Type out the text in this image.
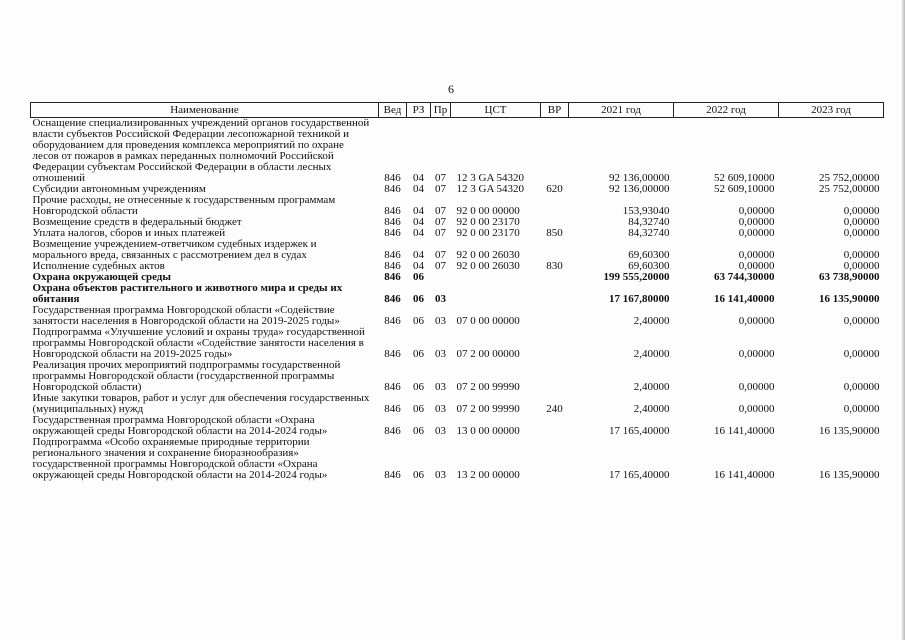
6
Наименование	Вед	РЗ	Пр	ЦСТ	ВР	2021 год	2022 год	2023 год
Оснащение специализированных учреждений органов государственной власти субъектов Российской Федерации лесопожарной техникой и оборудованием для проведения комплекса мероприятий по охране лесов от пожаров в рамках переданных полномочий Российской Федерации субъектам Российской Федерации в области лесных отношений	846	04	07	12 3 GA 54320		92 136,00000	52 609,10000	25 752,00000
Субсидии автономным учреждениям	846	04	07	12 3 GA 54320	620	92 136,00000	52 609,10000	25 752,00000
Прочие расходы, не отнесенные к государственным программам Новгородской области	846	04	07	92 0 00 00000		153,93040	0,00000	0,00000
Возмещение средств в федеральный бюджет	846	04	07	92 0 00 23170		84,32740	0,00000	0,00000
Уплата налогов, сборов и иных платежей	846	04	07	92 0 00 23170	850	84,32740	0,00000	0,00000
Возмещение учреждением-ответчиком судебных издержек и морального вреда, связанных с рассмотрением дел в судах	846	04	07	92 0 00 26030		69,60300	0,00000	0,00000
Исполнение судебных актов	846	04	07	92 0 00 26030	830	69,60300	0,00000	0,00000
Охрана окружающей среды	846	06				199 555,20000	63 744,30000	63 738,90000
Охрана объектов растительного и животного мира и среды их обитания	846	06	03			17 167,80000	16 141,40000	16 135,90000
Государственная программа Новгородской области «Содействие занятости населения в Новгородской области на 2019-2025 годы»	846	06	03	07 0 00 00000		2,40000	0,00000	0,00000
Подпрограмма «Улучшение условий и охраны труда» государственной программы Новгородской области «Содействие занятости населения в Новгородской области на 2019-2025 годы»	846	06	03	07 2 00 00000		2,40000	0,00000	0,00000
Реализация прочих мероприятий подпрограммы государственной программы Новгородской области (государственной программы Новгородской области)	846	06	03	07 2 00 99990		2,40000	0,00000	0,00000
Иные закупки товаров, работ и услуг для обеспечения государственных (муниципальных) нужд	846	06	03	07 2 00 99990	240	2,40000	0,00000	0,00000
Государственная программа Новгородской области «Охрана окружающей среды Новгородской области на 2014-2024 годы»	846	06	03	13 0 00 00000		17 165,40000	16 141,40000	16 135,90000
Подпрограмма «Особо охраняемые природные территории регионального значения и сохранение биоразнообразия» государственной программы Новгородской области «Охрана окружающей среды Новгородской области на 2014-2024 годы»	846	06	03	13 2 00 00000		17 165,40000	16 141,40000	16 135,90000
